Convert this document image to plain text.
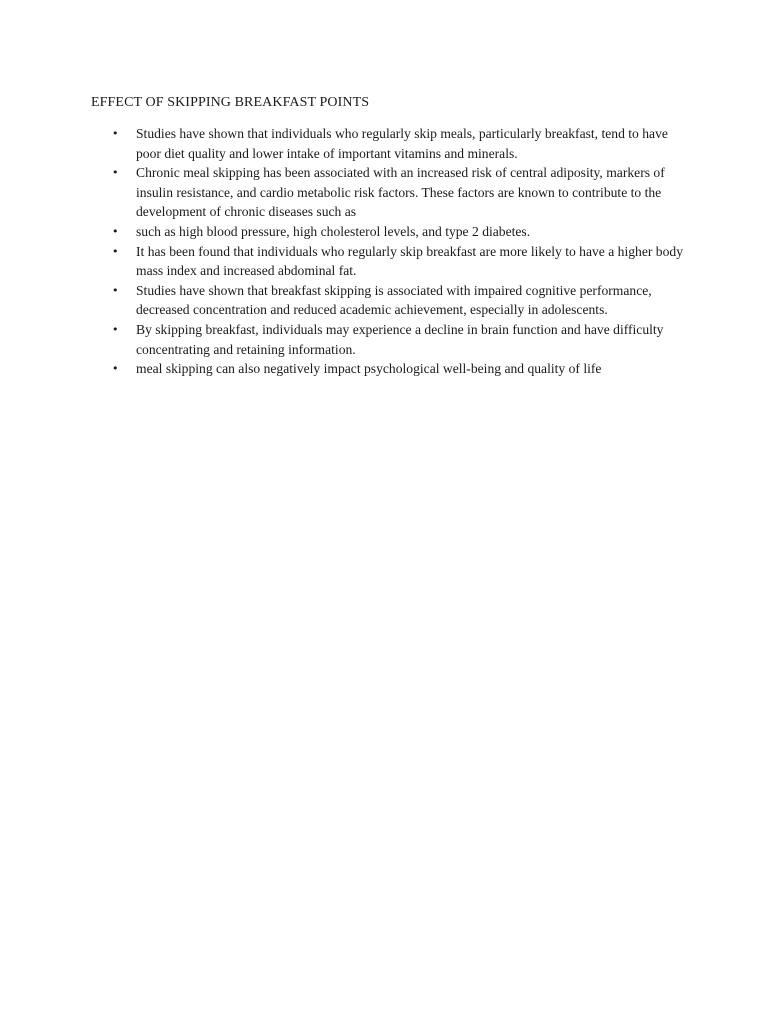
EFFECT OF SKIPPING BREAKFAST POINTS
• Studies have shown that individuals who regularly skip meals, particularly breakfast, tend to have poor diet quality and lower intake of important vitamins and minerals.
• Chronic meal skipping has been associated with an increased risk of central adiposity, markers of insulin resistance, and cardio metabolic risk factors. These factors are known to contribute to the development of chronic diseases such as
• such as high blood pressure, high cholesterol levels, and type 2 diabetes.
• It has been found that individuals who regularly skip breakfast are more likely to have a higher body mass index and increased abdominal fat.
• Studies have shown that breakfast skipping is associated with impaired cognitive performance, decreased concentration and reduced academic achievement, especially in adolescents.
• By skipping breakfast, individuals may experience a decline in brain function and have difficulty concentrating and retaining information.
• meal skipping can also negatively impact psychological well-being and quality of life
